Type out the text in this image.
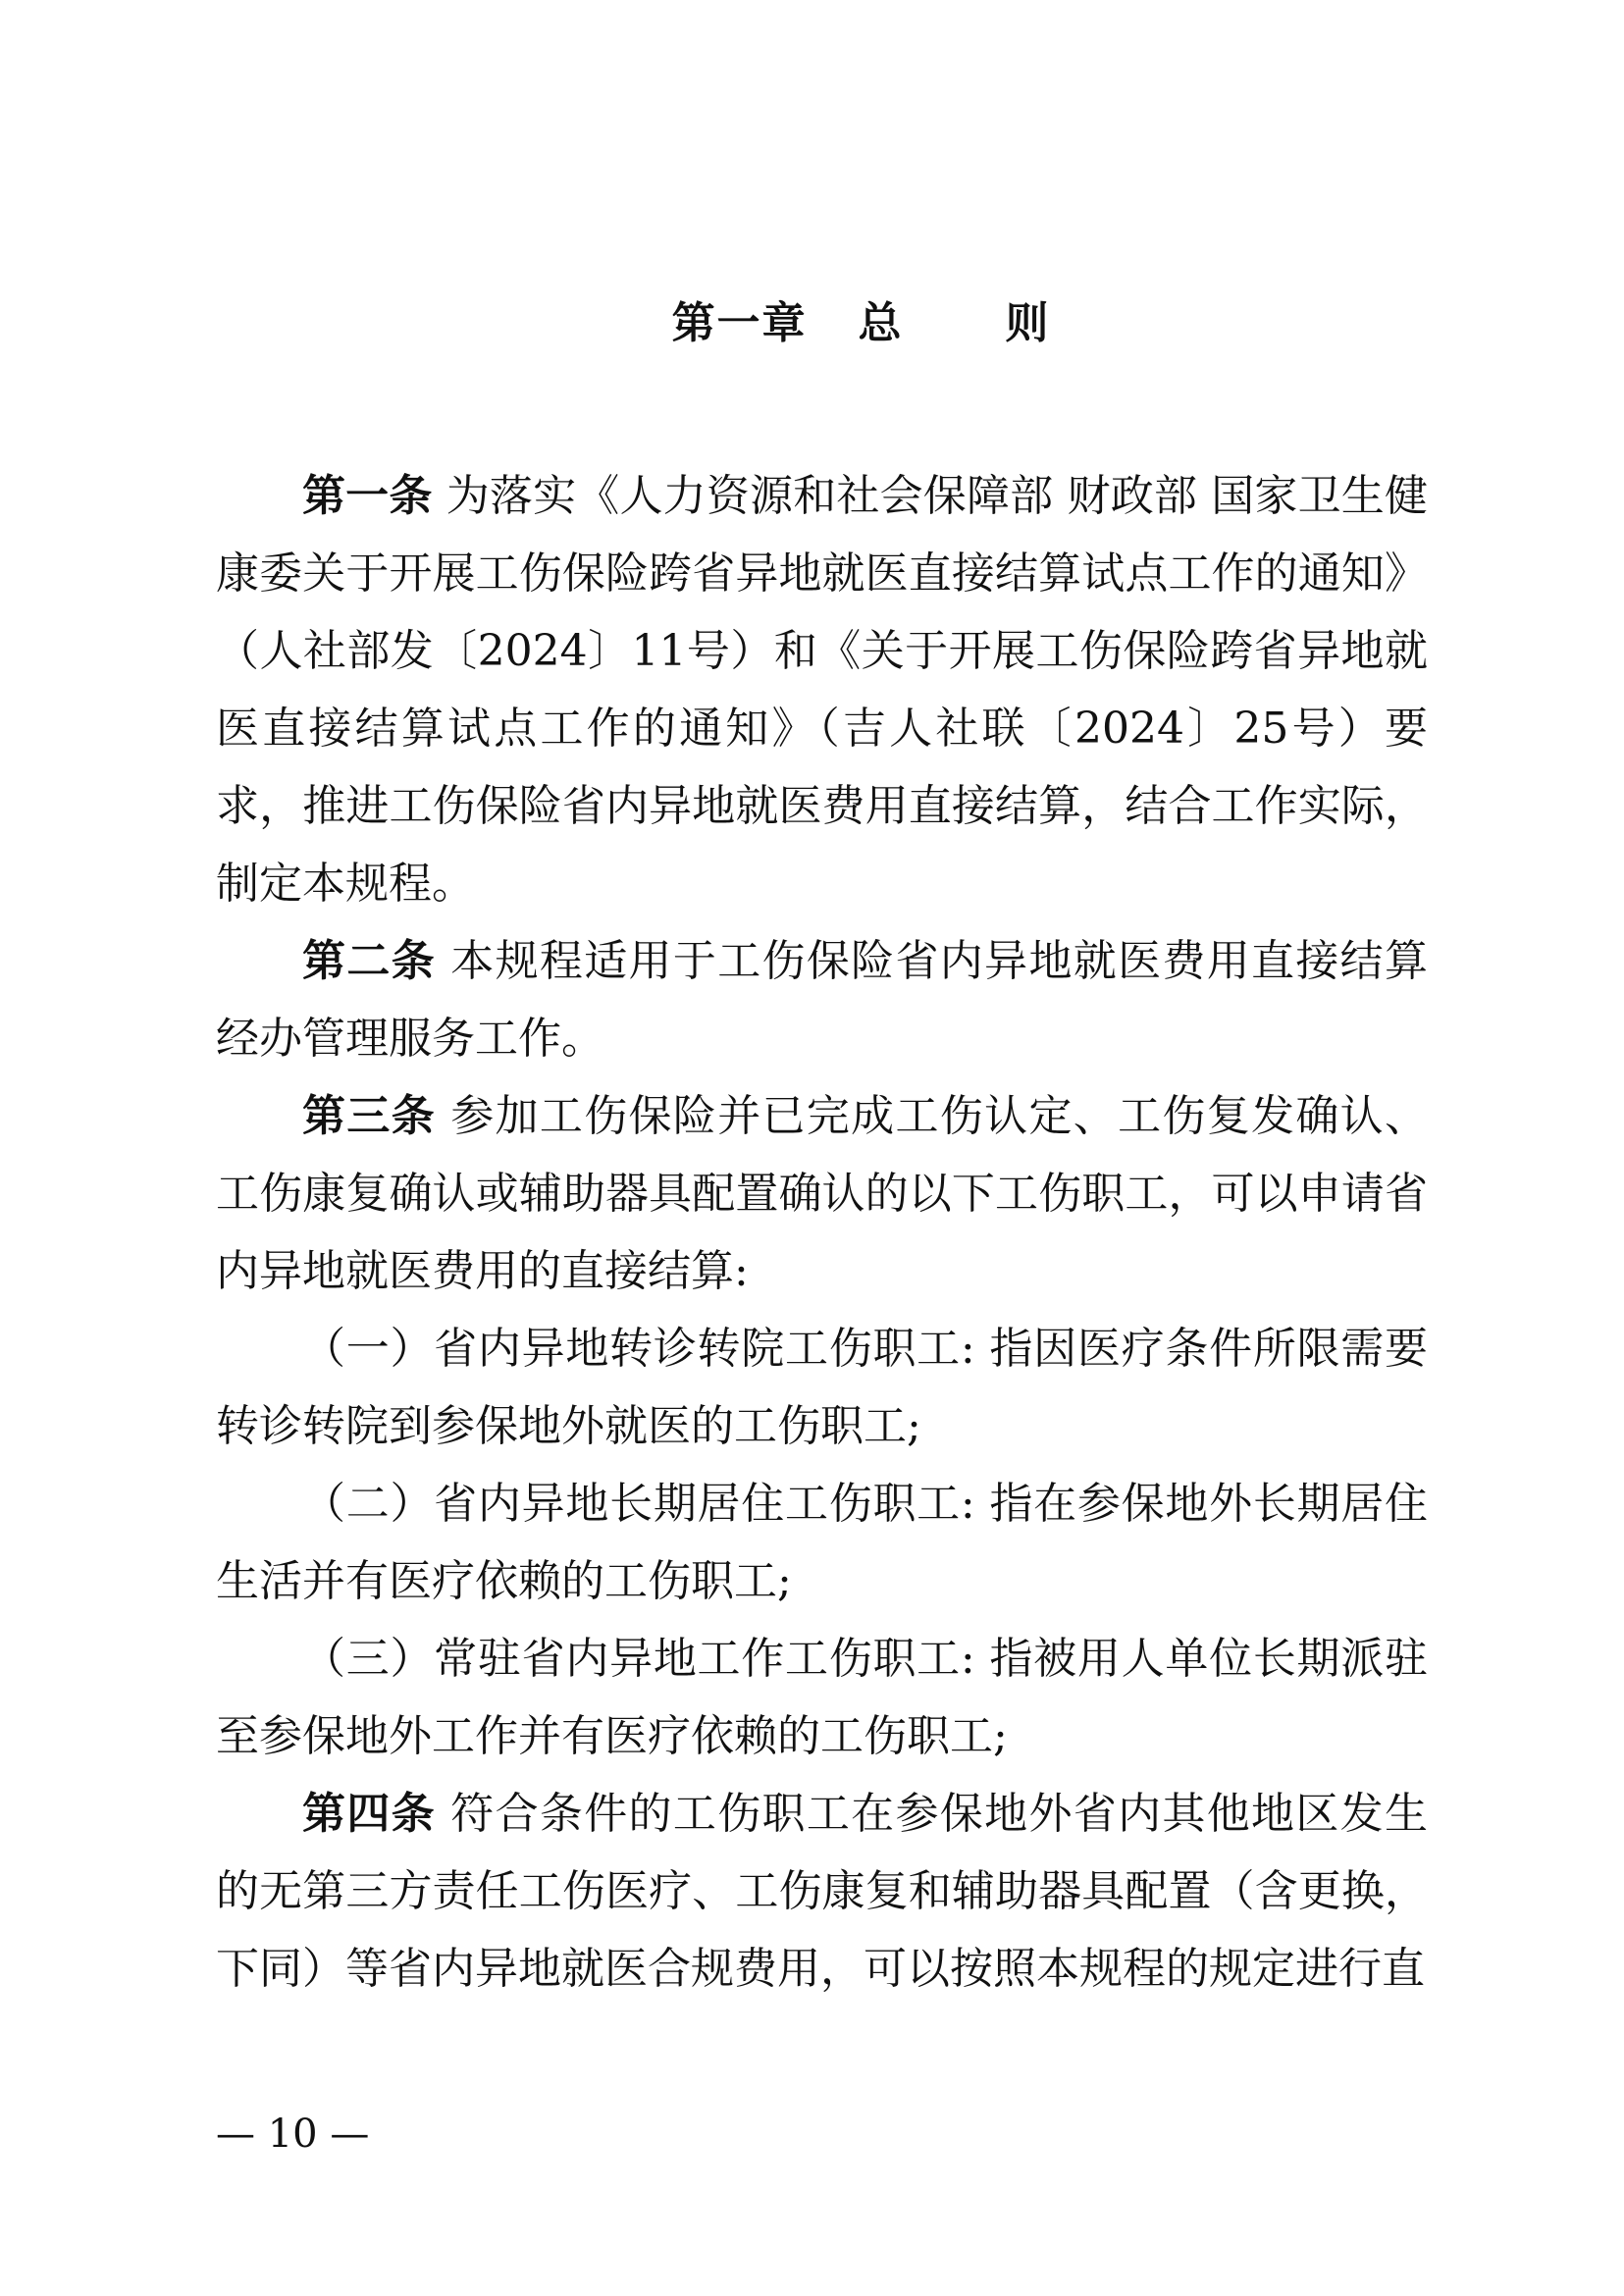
第一章   总      则

第一条 为落实《人力资源和社会保障部 财政部 国家卫生健康委关于开展工伤保险跨省异地就医直接结算试点工作的通知》（人社部发〔2024〕11号）和《关于开展工伤保险跨省异地就医直接结算试点工作的通知》（吉人社联〔2024〕25号）要求，推进工伤保险省内异地就医费用直接结算，结合工作实际，制定本规程。

第二条 本规程适用于工伤保险省内异地就医费用直接结算经办管理服务工作。

第三条 参加工伤保险并已完成工伤认定、工伤复发确认、工伤康复确认或辅助器具配置确认的以下工伤职工，可以申请省内异地就医费用的直接结算:

（一）省内异地转诊转院工伤职工: 指因医疗条件所限需要转诊转院到参保地外就医的工伤职工;

（二）省内异地长期居住工伤职工: 指在参保地外长期居住生活并有医疗依赖的工伤职工;

（三）常驻省内异地工作工伤职工: 指被用人单位长期派驻至参保地外工作并有医疗依赖的工伤职工;

第四条 符合条件的工伤职工在参保地外省内其他地区发生的无第三方责任工伤医疗、工伤康复和辅助器具配置（含更换，下同）等省内异地就医合规费用，可以按照本规程的规定进行直

— 10 —
